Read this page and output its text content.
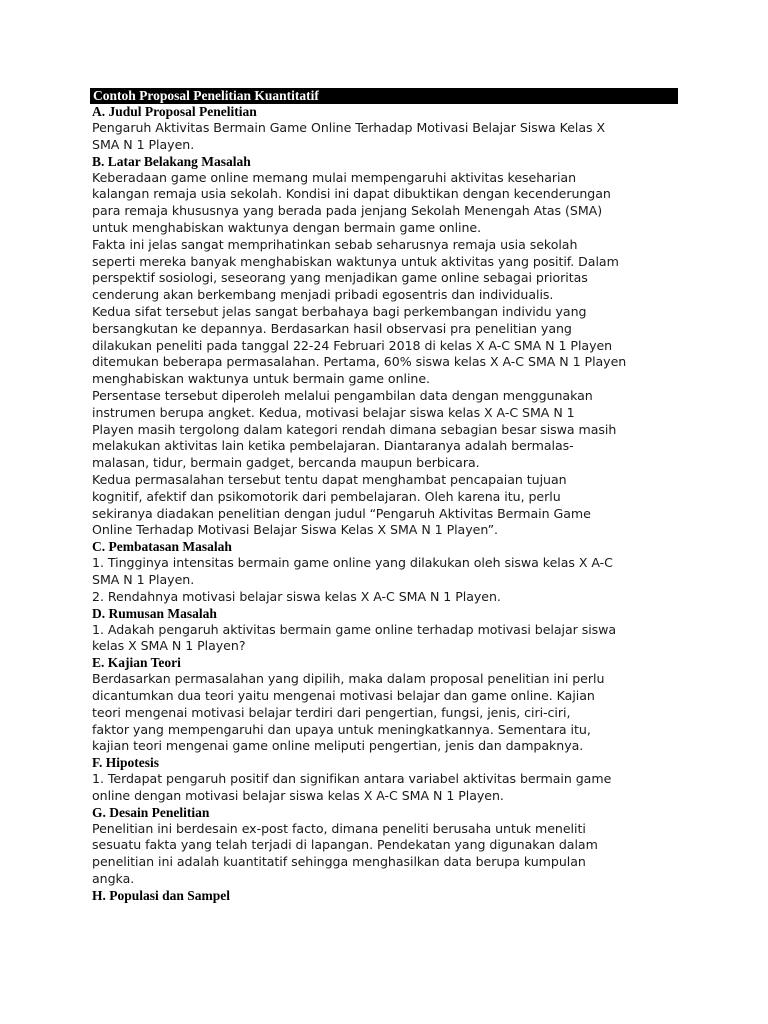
Contoh Proposal Penelitian Kuantitatif
A. Judul Proposal Penelitian

Pengaruh Aktivitas Bermain Game Online Terhadap Motivasi Belajar Siswa Kelas X
SMA N 1 Playen.

B. Latar Belakang Masalah

Keberadaan game online memang mulai mempengaruhi aktivitas keseharian
kalangan remaja usia sekolah. Kondisi ini dapat dibuktikan dengan kecenderungan
para remaja khususnya yang berada pada jenjang Sekolah Menengah Atas (SMA)
untuk menghabiskan waktunya dengan bermain game online.

Fakta ini jelas sangat memprihatinkan sebab seharusnya remaja usia sekolah
seperti mereka banyak menghabiskan waktunya untuk aktivitas yang positif. Dalam
perspektif sosiologi, seseorang yang menjadikan game online sebagai prioritas
cenderung akan berkembang menjadi pribadi egosentris dan individualis.

Kedua sifat tersebut jelas sangat berbahaya bagi perkembangan individu yang
bersangkutan ke depannya. Berdasarkan hasil observasi pra penelitian yang
dilakukan peneliti pada tanggal 22-24 Februari 2018 di kelas X A-C SMA N 1 Playen
ditemukan beberapa permasalahan. Pertama, 60% siswa kelas X A-C SMA N 1 Playen
menghabiskan waktunya untuk bermain game online.

Persentase tersebut diperoleh melalui pengambilan data dengan menggunakan
instrumen berupa angket. Kedua, motivasi belajar siswa kelas X A-C SMA N 1
Playen masih tergolong dalam kategori rendah dimana sebagian besar siswa masih
melakukan aktivitas lain ketika pembelajaran. Diantaranya adalah bermalas-
malasan, tidur, bermain gadget, bercanda maupun berbicara.

Kedua permasalahan tersebut tentu dapat menghambat pencapaian tujuan
kognitif, afektif dan psikomotorik dari pembelajaran. Oleh karena itu, perlu
sekiranya diadakan penelitian dengan judul “Pengaruh Aktivitas Bermain Game
Online Terhadap Motivasi Belajar Siswa Kelas X SMA N 1 Playen”.

C. Pembatasan Masalah

1. Tingginya intensitas bermain game online yang dilakukan oleh siswa kelas X A-C
SMA N 1 Playen.

2. Rendahnya motivasi belajar siswa kelas X A-C SMA N 1 Playen.

D. Rumusan Masalah

1. Adakah pengaruh aktivitas bermain game online terhadap motivasi belajar siswa
kelas X SMA N 1 Playen?

E. Kajian Teori

Berdasarkan permasalahan yang dipilih, maka dalam proposal penelitian ini perlu
dicantumkan dua teori yaitu mengenai motivasi belajar dan game online. Kajian
teori mengenai motivasi belajar terdiri dari pengertian, fungsi, jenis, ciri-ciri,
faktor yang mempengaruhi dan upaya untuk meningkatkannya. Sementara itu,
kajian teori mengenai game online meliputi pengertian, jenis dan dampaknya.

F. Hipotesis

1. Terdapat pengaruh positif dan signifikan antara variabel aktivitas bermain game
online dengan motivasi belajar siswa kelas X A-C SMA N 1 Playen.

G. Desain Penelitian

Penelitian ini berdesain ex-post facto, dimana peneliti berusaha untuk meneliti
sesuatu fakta yang telah terjadi di lapangan. Pendekatan yang digunakan dalam
penelitian ini adalah kuantitatif sehingga menghasilkan data berupa kumpulan
angka.

H. Populasi dan Sampel
